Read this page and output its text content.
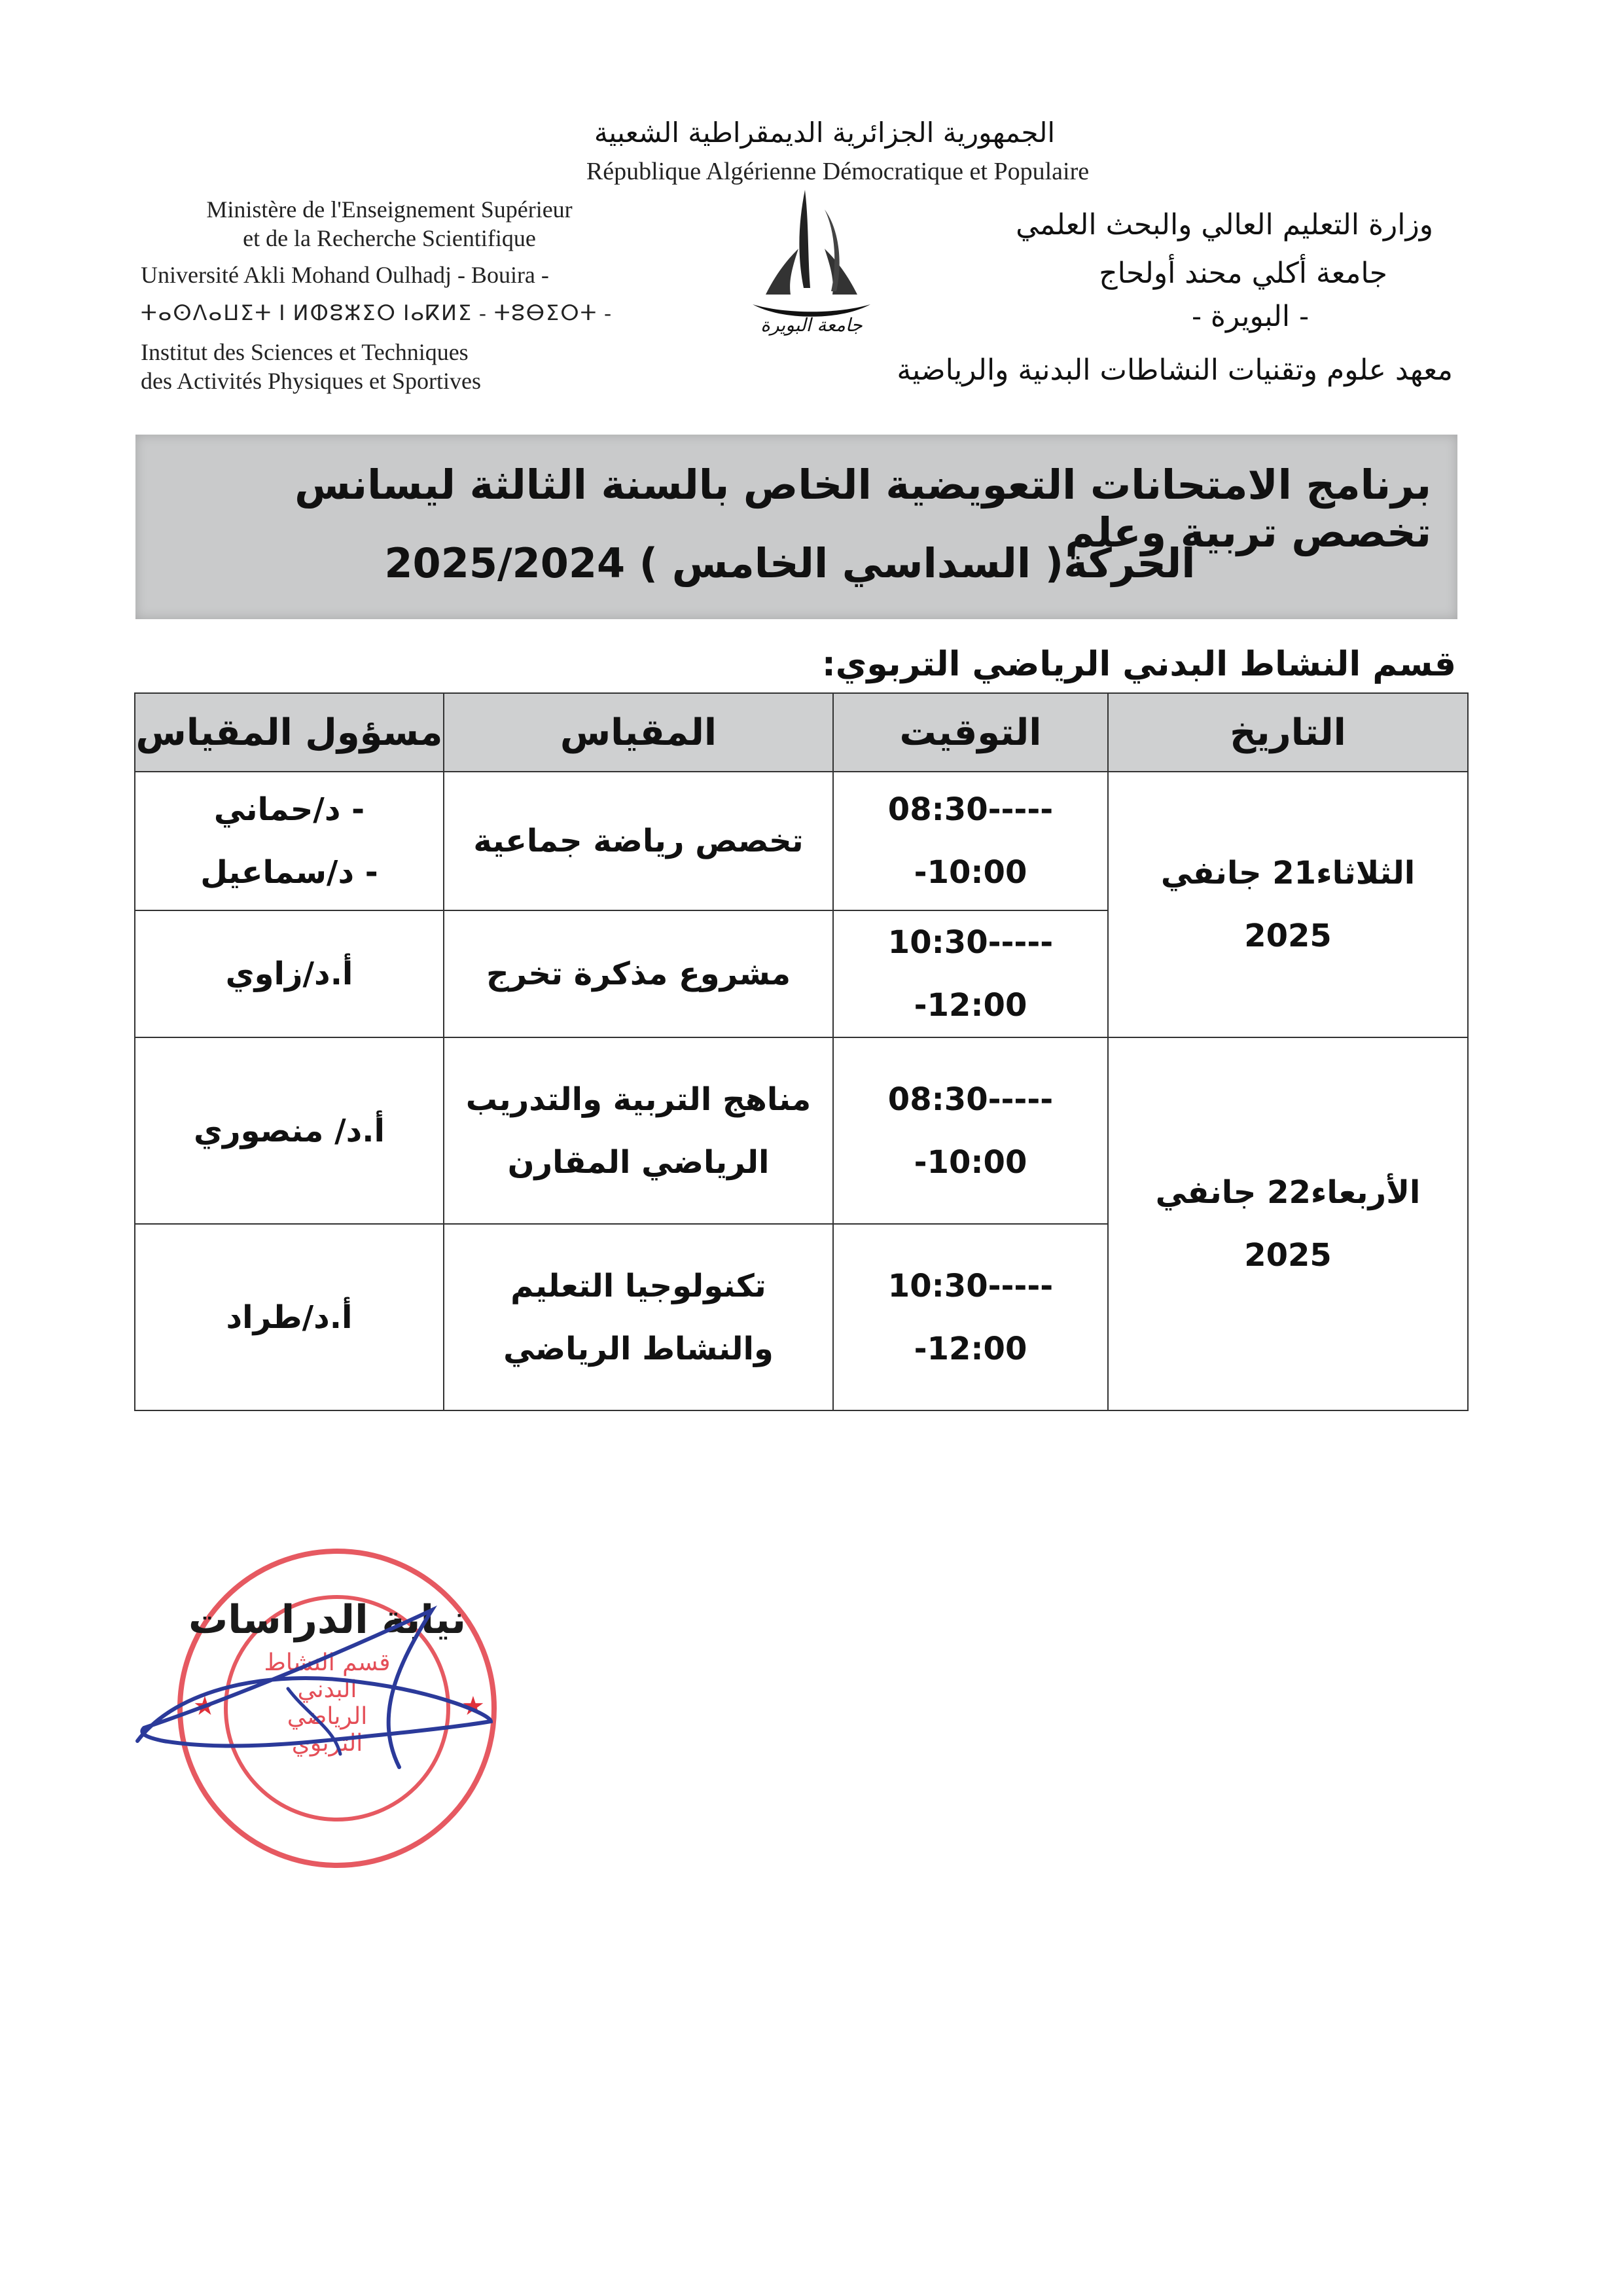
الجمهورية الجزائرية الديمقراطية الشعبية
République Algérienne Démocratique et Populaire
Ministère de l'Enseignement Supérieur
et de la Recherche Scientifique
Université Akli Mohand Oulhadj - Bouira -
ⵜⴰⵙⴷⴰⵡⵉⵜ ⵏ ⵍⵀⵓⵣⵉⵔ ⵏⴰⴽⵍⵉ - ⵜⵓⴱⵉⵔⵜ -
Institut des Sciences et Techniques
des Activités Physiques et Sportives
جامعة البويرة
وزارة التعليم العالي والبحث العلمي
جامعة أكلي محند أولحاج
- البويرة -
معهد علوم وتقنيات النشاطات البدنية والرياضية
برنامج الامتحانات التعويضية الخاص بالسنة الثالثة ليسانس تخصص تربية وعلم
الحركة( السداسي الخامس ) 2025/2024
قسم النشاط البدني الرياضي التربوي:
التاريخ	التوقيت	المقياس	مسؤول المقياس

الثلاثاء21 جانفي
2025	08:30------10:00	تخصص رياضة جماعية	- د/حماني
- د/سماعيل

	10:30------12:00	مشروع مذكرة تخرج	أ.د/زاوي

الأربعاء22 جانفي
2025	08:30------10:00	مناهج التربية والتدريب
الرياضي المقارن	أ.د/ منصوري

	10:30------12:00	تكنولوجيا التعليم
والنشاط الرياضي	أ.د/طراد
★	★
نيابة الدراسات
قسم النشاط
البدني
الرياضي
التربوي
